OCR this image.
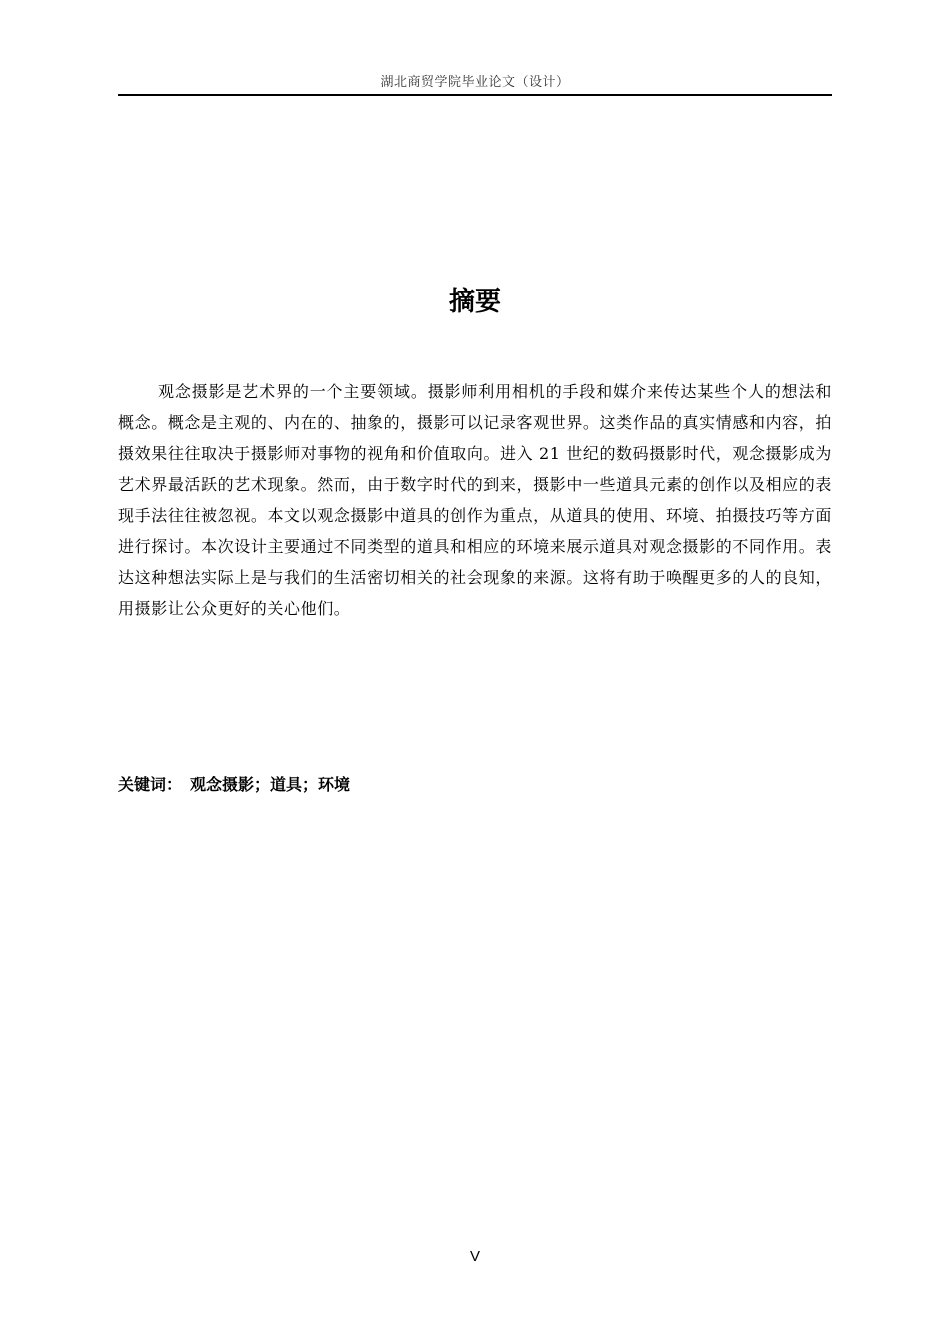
湖北商贸学院毕业论文（设计）
摘要

观念摄影是艺术界的一个主要领域。摄影师利用相机的手段和媒介来传达某些个人的想法和概念。概念是主观的、内在的、抽象的，摄影可以记录客观世界。这类作品的真实情感和内容，拍摄效果往往取决于摄影师对事物的视角和价值取向。进入 21 世纪的数码摄影时代，观念摄影成为艺术界最活跃的艺术现象。然而，由于数字时代的到来，摄影中一些道具元素的创作以及相应的表现手法往往被忽视。本文以观念摄影中道具的创作为重点，从道具的使用、环境、拍摄技巧等方面进行探讨。本次设计主要通过不同类型的道具和相应的环境来展示道具对观念摄影的不同作用。表达这种想法实际上是与我们的生活密切相关的社会现象的来源。这将有助于唤醒更多的人的良知，用摄影让公众更好的关心他们。

关键词： 观念摄影；道具；环境
V
